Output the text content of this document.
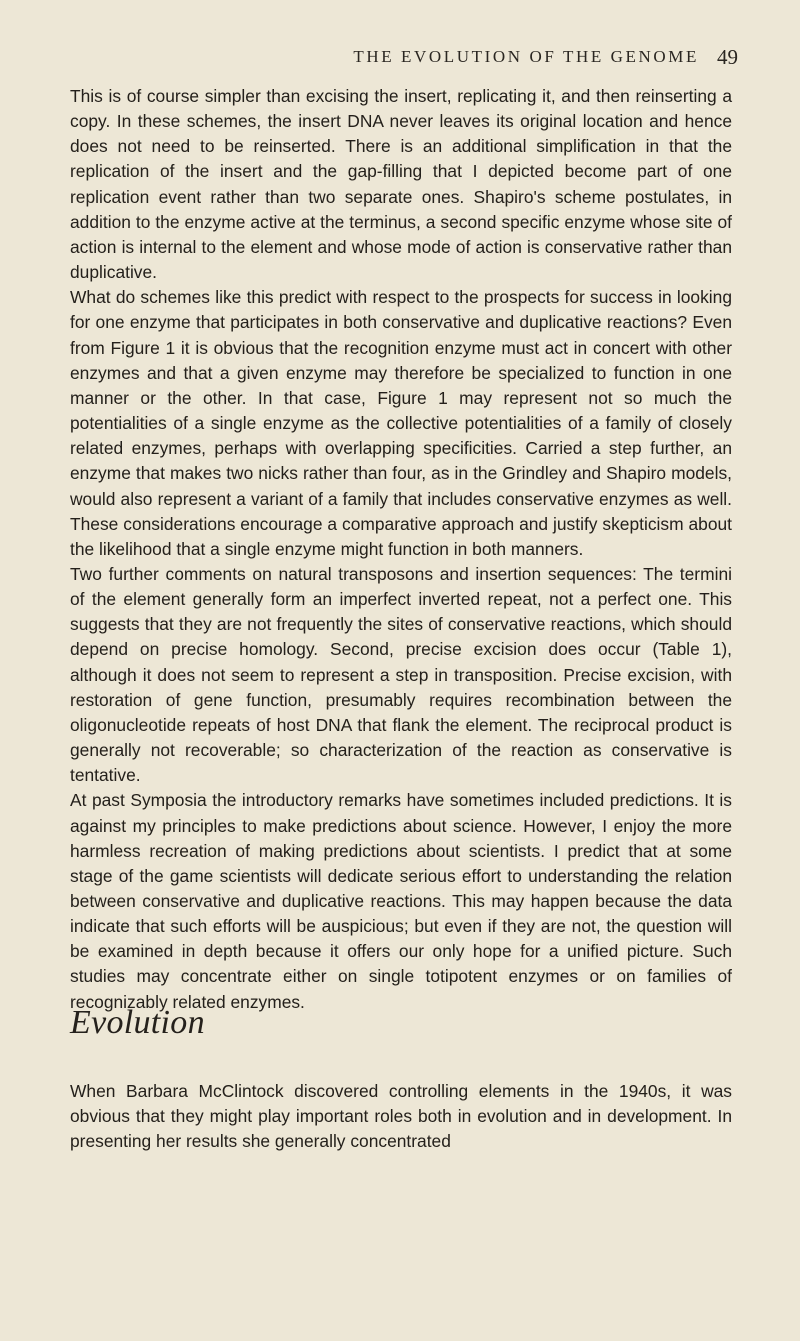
THE EVOLUTION OF THE GENOME 49

This is of course simpler than excising the insert, replicating it, and then reinserting a copy. In these schemes, the insert DNA never leaves its original location and hence does not need to be reinserted. There is an additional simplification in that the replication of the insert and the gap-filling that I depicted become part of one replication event rather than two separate ones. Shapiro's scheme postulates, in addition to the enzyme active at the terminus, a second specific enzyme whose site of action is internal to the element and whose mode of action is conservative rather than duplicative.

What do schemes like this predict with respect to the prospects for success in looking for one enzyme that participates in both conservative and duplicative reactions? Even from Figure 1 it is obvious that the recognition enzyme must act in concert with other enzymes and that a given enzyme may therefore be specialized to function in one manner or the other. In that case, Figure 1 may represent not so much the potentialities of a single enzyme as the collective potentialities of a family of closely related enzymes, perhaps with overlapping specificities. Carried a step further, an enzyme that makes two nicks rather than four, as in the Grindley and Shapiro models, would also represent a variant of a family that includes conservative enzymes as well. These considerations encourage a comparative approach and justify skepticism about the likelihood that a single enzyme might function in both manners.

Two further comments on natural transposons and insertion sequences: The termini of the element generally form an imperfect inverted repeat, not a perfect one. This suggests that they are not frequently the sites of conservative reactions, which should depend on precise homology. Second, precise excision does occur (Table 1), although it does not seem to represent a step in transposition. Precise excision, with restoration of gene function, presumably requires recombination between the oligonucleotide repeats of host DNA that flank the element. The reciprocal product is generally not recoverable; so characterization of the reaction as conservative is tentative.

At past Symposia the introductory remarks have sometimes included predictions. It is against my principles to make predictions about science. However, I enjoy the more harmless recreation of making predictions about scientists. I predict that at some stage of the game scientists will dedicate serious effort to understanding the relation between conservative and duplicative reactions. This may happen because the data indicate that such efforts will be auspicious; but even if they are not, the question will be examined in depth because it offers our only hope for a unified picture. Such studies may concentrate either on single totipotent enzymes or on families of recognizably related enzymes.

Evolution

When Barbara McClintock discovered controlling elements in the 1940s, it was obvious that they might play important roles both in evolution and in development. In presenting her results she generally concentrated
